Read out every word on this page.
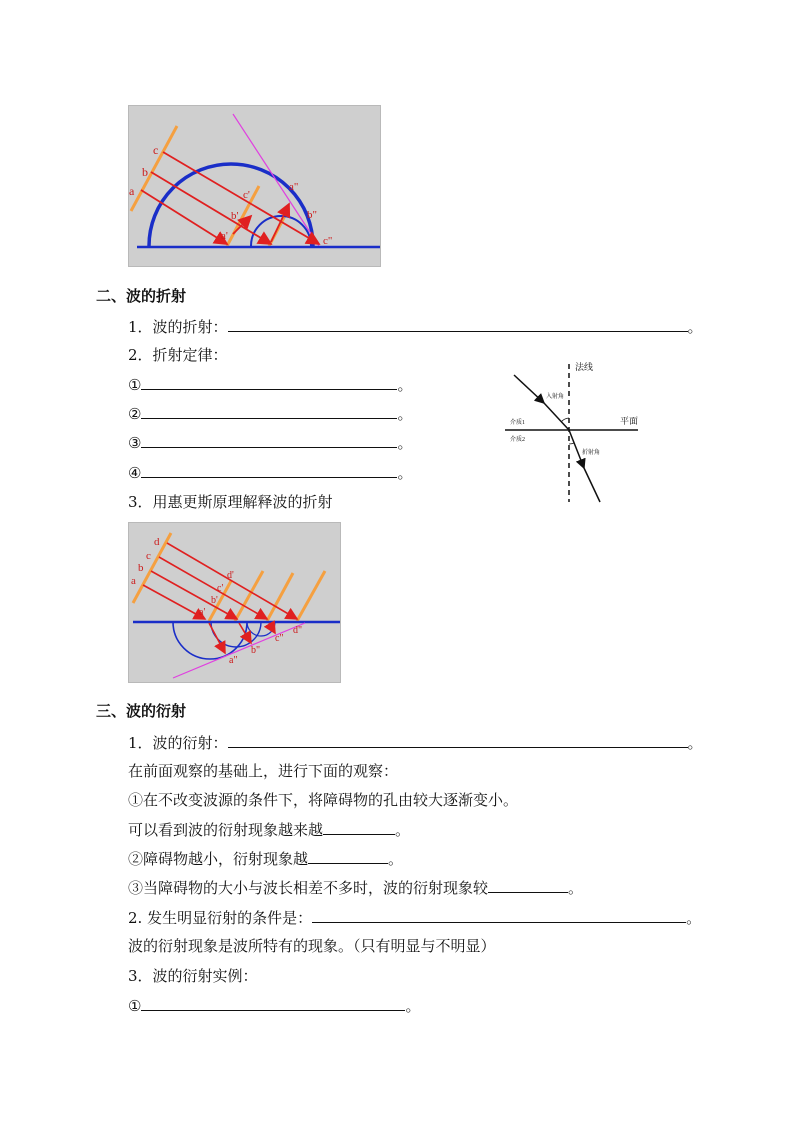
a
b
c
a'
b'
c'
a"
b"
c"
二、波的折射
1．波的折射：	。
2．折射定律：
①	。
②	。
③	。
④	。
法线
入射角
平面
介质1
介质2
折射角
3．用惠更斯原理解释波的折射
a
b
c
d
a'
b'
c'
d'
a"
b"
c"
d"
三、波的衍射
1．波的衍射：	。
在前面观察的基础上，进行下面的观察：
①在不改变波源的条件下，将障碍物的孔由较大逐渐变小。
可以看到波的衍射现象越来越	。
②障碍物越小，衍射现象越	。
③当障碍物的大小与波长相差不多时，波的衍射现象较	。
2. 发生明显衍射的条件是：	。
波的衍射现象是波所特有的现象。（只有明显与不明显）
3．波的衍射实例：
①	。
